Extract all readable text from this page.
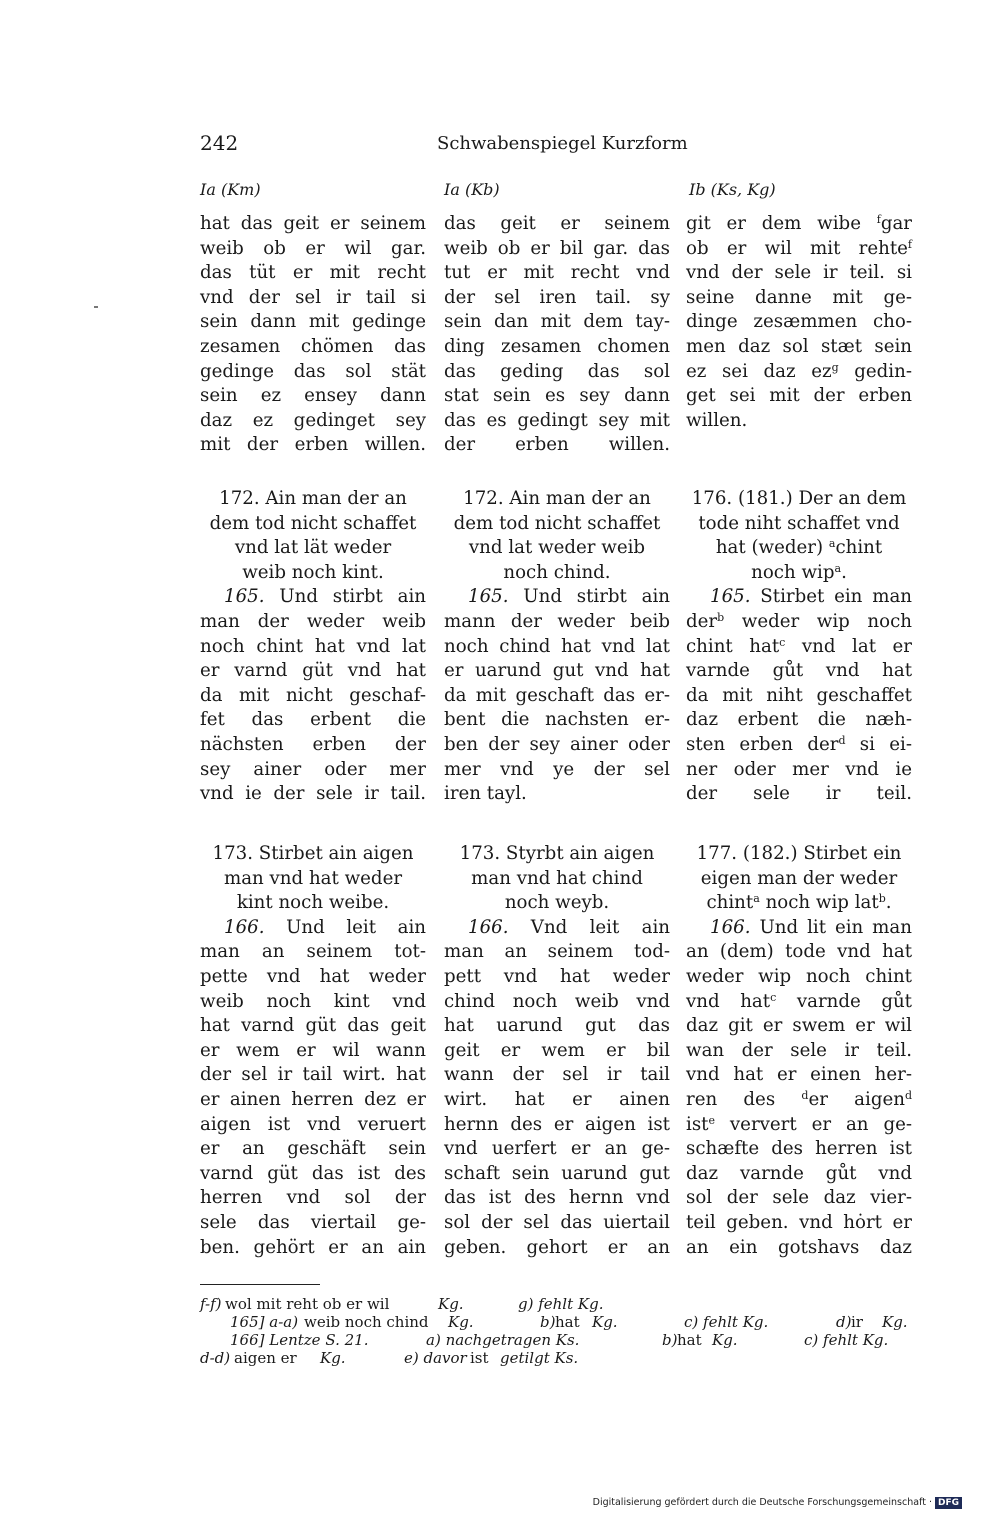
242	Schwabenspiegel Kurzform
Ia (Km)	Ia (Kb)	Ib (Ks, Kg)
hat das geit er seinem
weib ob er wil gar.
das tüt er mit recht
vnd der sel ir tail si
sein dann mit gedinge
zesamen chömen das
gedinge das sol stät
sein ez ensey dann
daz ez gedinget sey
mit der erben willen.
172. Ain man der an
dem tod nicht schaffet
vnd lat lät weder
weib noch kint.
165. Und stirbt ain
man der weder weib
noch chint hat vnd lat
er varnd güt vnd hat
da mit nicht geschaf-
fet das erbent die
nächsten erben der
sey ainer oder mer
vnd ie der sele ir tail.
173. Stirbet ain aigen
man vnd hat weder
kint noch weibe.
166. Und leit ain
man an seinem tot-
pette vnd hat weder
weib noch kint vnd
hat varnd güt das geit
er wem er wil wann
der sel ir tail wirt. hat
er ainen herren dez er
aigen ist vnd veruert
er an geschäft sein
varnd güt das ist des
herren vnd sol der
sele das viertail ge-
ben. gehört er an ain
das geit er seinem
weib ob er bil gar. das
tut er mit recht vnd
der sel iren tail. sy
sein dan mit dem tay-
ding zesamen chomen
das geding das sol
stat sein es sey dann
das es gedingt sey mit
der erben willen.
172. Ain man der an
dem tod nicht schaffet
vnd lat weder weib
noch chind.
165. Und stirbt ain
mann der weder beib
noch chind hat vnd lat
er uarund gut vnd hat
da mit geschaft das er-
bent die nachsten er-
ben der sey ainer oder
mer vnd ye der sel
iren tayl.
173. Styrbt ain aigen
man vnd hat chind
noch weyb.
166. Vnd leit ain
man an seinem tod-
pett vnd hat weder
chind noch weib vnd
hat uarund gut das
geit er wem er bil
wann der sel ir tail
wirt. hat er ainen
hernn des er aigen ist
vnd uerfert er an ge-
schaft sein uarund gut
das ist des hernn vnd
sol der sel das uiertail
geben. gehort er an
git er dem wibe $^f$gar
ob er wil mit rehte$^f$
vnd der sele ir teil. si
seine danne mit ge-
dinge zesæmmen cho-
men daz sol stæt sein
ez sei daz $ez^g$ gedin-
get sei mit der erben
willen.
176. (181.) Der an dem
tode niht schaffet vnd
hat (weder) $^a$chint
noch wip$^a$.
165. Stirbet ein man
der$^b$ weder wip noch
chint hat$^c$ vnd lat er
varnde gůt vnd hat
da mit niht geschaffet
daz erbent die næh-
sten erben der$^d$ si ei-
ner oder mer vnd ie
der sele ir teil.
177. (182.) Stirbet ein
eigen man der weder
chint$^a$ noch wip lat$^b$.
166. Und lit ein man
an (dem) tode vnd hat
weder wip noch chint
vnd hat$^c$ varnde gůt
daz git er swem er wil
wan der sele ir teil.
vnd hat er einen her-
ren des $^d$er aigen$^d$
ist$^e$ ververt er an ge-
schæfte des herren ist
daz varnde gůt vnd
sol der sele daz vier-
teil geben. vnd hȯrt er
an ein gotshavs daz
f-f) wol mit reht ob er wil	Kg.	g) fehlt Kg.
165] a-a) weib noch chind Kg.	b) hat Kg.	c) fehlt Kg.	d) ir Kg.
166] Lentze S. 21.	a) nachgetragen Ks.	b) hat Kg.	c) fehlt Kg.
d-d) aigen er Kg.	e) davor ist getilgt Ks.
Digitalisierung gefördert durch die Deutsche Forschungsgemeinschaft · DFG
